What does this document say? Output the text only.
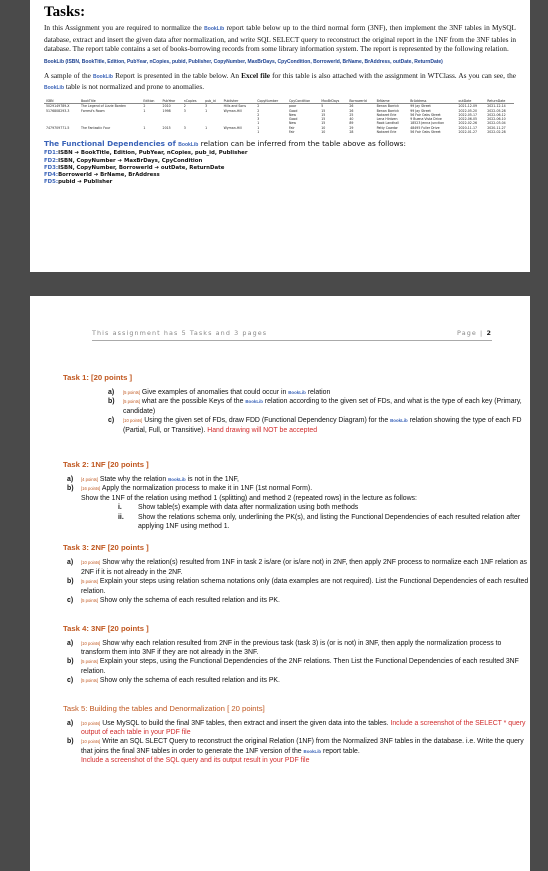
Tasks:

In this Assignment you are required to normalize the BookLib report table below up to the third normal form (3NF), then implement the 3NF tables in MySQL database, extract and insert the given data after normalization, and write SQL SELECT query to reconstruct the original report in the 1NF from the 3NF tables in database. The report table contains a set of books-borrowing records from some library information system. The report is represented by the following relation.

BookLib (ISBN, BookTitle, Edition, PubYear, nCopies, pubid, Publisher, CopyNumber, MaxBrDays, CpyCondition, Borrowerld, BrName, BrAddress, outDate, ReturnDate)

A sample of the BookLib Report is presented in the table below. An Excel file for this table is also attached with the assignment in WTClass. As you can see, the BookLib table is not normalized and prone to anomalies.

ISBN	BookTitle	Edition	PubYear	nCopies	pub_id	Publisher	CopyNumber	CpyCondition	MaxBrDays	BorrowerId	BrName	BrAddress	outDate	ReturnDate
5029149789-X	The Legend of Lizzie Borden	2	2010	2	3	Hills and Sons	2	poor	5	26	Benan Barrick	99 Jay Street	2021-12-09	2021-12-14

5176808293-3	Forrest's Room	1	1998	3	1	Wyman-Hill	2	Good	15	26	Benan Barrick	99 Jay Street	2022-05-20	2022-05-28
							2	New	15	25	Nakaret Erie	56 Fair Oaks Street	2022-05-17	2022-06-12
							3	Good	15	40	Lena Hintzen	9 Buena Vista Drive	2022-06-05	2022-06-10
							1	New	15	89	Rook Landhall	18523 Jenna Junction	2022-02-26	2022-03-04
7479709771-5	The Fantastic Four	1	2015	3	1	Wyman-Hill	1	Fair	10	29	Patty Cawdor	48495 Fuller Drive	2020-11-17	2020-11-27
							1	Fair	10	28	Nakaret Erie	56 Fair Oaks Street	2022-01-27	2022-02-28
The Functional Dependencies of BookLib relation can be inferred from the table above as follows:
FD1:ISBN ➔ BookTitle, Edition, PubYear, nCopies, pub_id, Publisher
FD2:ISBN, CopyNumber ➔ MaxBrDays, CpyCondition
FD3:ISBN, CopyNumber, Borrowerld ➔ outDate, ReturnDate
FD4:Borrowerld ➔ BrName, BrAddress
FD5:pubid ➔ Publisher
This assignment has 5 Tasks and 3 pages	Page | 2
Task 1: [20 points ]
a) [5 points] Give examples of anomalies that could occur in BookLib relation
b) [5 points] what are the possible Keys of the BookLib relation according to the given set of FDs, and what is the type of each key (Primary, candidate)
c) [10 points] Using the given set of FDs, draw FDD (Functional Dependency Diagram) for the BookLib relation showing the type of each FD (Partial, Full, or Transitive). Hand drawing will NOT be accepted
Task 2: 1NF [20 points ]
a) [4 points] State why the relation BookLib is not in the 1NF,
b) [16 points] Apply the normalization process to make it in 1NF (1st normal Form).
Show the 1NF of the relation using method 1 (splitting) and method 2 (repeated rows) in the lecture as follows:
i. Show table(s) example with data after normalization using both methods
ii. Show the relations schema only, underlining the PK(s), and listing the Functional Dependencies of each resulted relation after applying 1NF using method 1.
Task 3: 2NF [20 points ]
a) [10 points] Show why the relation(s) resulted from 1NF in task 2 is/are (or is/are not) in 2NF, then apply 2NF process to normalize each 1NF relation as 2NF if it is not already in the 2NF.
b) [5 points] Explain your steps using relation schema notations only (data examples are not required). List the Functional Dependencies of each resulted relation.
c) [5 points] Show only the schema of each resulted relation and its PK.
Task 4: 3NF [20 points ]
a) [10 points] Show why each relation resulted from 2NF in the previous task (task 3) is (or is not) in 3NF, then apply the normalization process to transform them into 3NF if they are not already in the 3NF.
b) [5 points] Explain your steps, using the Functional Dependencies of the 2NF relations. Then List the Functional Dependencies of each resulted 3NF relation.
c) [5 points] Show only the schema of each resulted relation and its PK.
Task 5: Building the tables and Denormalization [ 20 points]
a) [10 points] Use MySQL to build the final 3NF tables, then extract and insert the given data into the tables. Include a screenshot of the SELECT * query output of each table in your PDF file
b) [10 points] Write an SQL SLECT Query to reconstruct the original Relation (1NF) from the Normalized 3NF tables in the database. i.e. Write the query that joins the final 3NF tables in order to generate the 1NF version of the BookLib report table.
Include a screenshot of the SQL query and its output result in your PDF file
